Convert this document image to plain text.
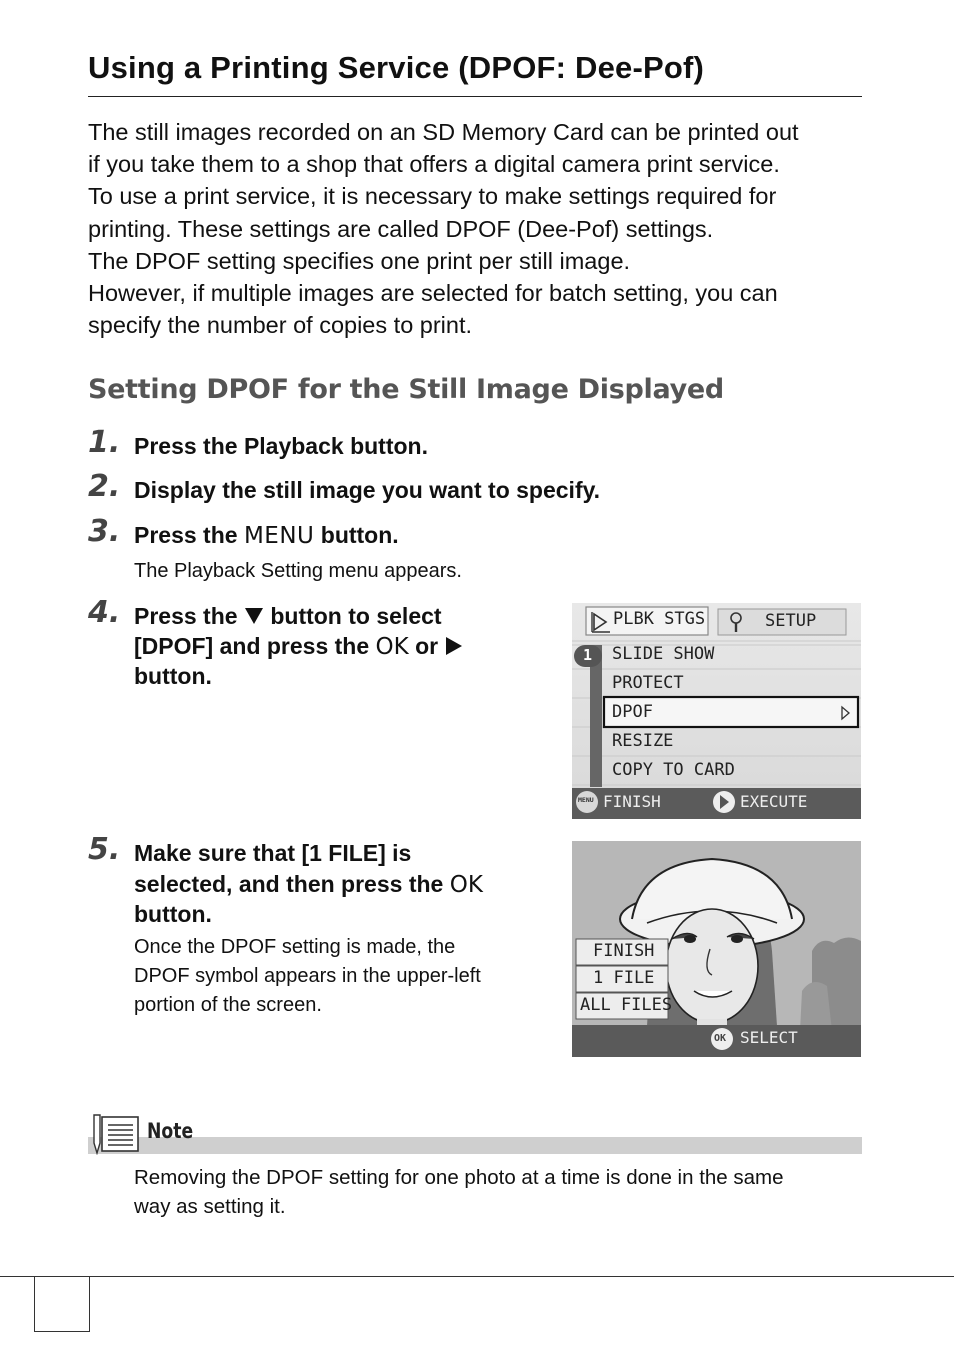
Using a Printing Service (DPOF: Dee-Pof)

The still images recorded on an SD Memory Card can be printed out

if you take them to a shop that offers a digital camera print service.

To use a print service, it is necessary to make settings required for

printing. These settings are called DPOF (Dee-Pof) settings.

The DPOF setting specifies one print per still image.

However, if multiple images are selected for batch setting, you can

specify the number of copies to print.

Setting DPOF for the Still Image Displayed
1. Press the Playback button.

2. Display the still image you want to specify.

3. Press the MENU button.

The Playback Setting menu appears.

4. Press the  button to select

[DPOF] and press the OK or

button.

PLBK STGS	SETUP
1 SLIDE SHOW
PROTECT
DPOF
RESIZE
COPY TO CARD
MENU FINISH	EXECUTE
5. Make sure that [1 FILE] is

selected, and then press the OK

button.

Once the DPOF setting is made, the

DPOF symbol appears in the upper-left

portion of the screen.

FINISH
1 FILE
ALL FILES
OK SELECT
Note

Removing the DPOF setting for one photo at a time is done in the same

way as setting it.
